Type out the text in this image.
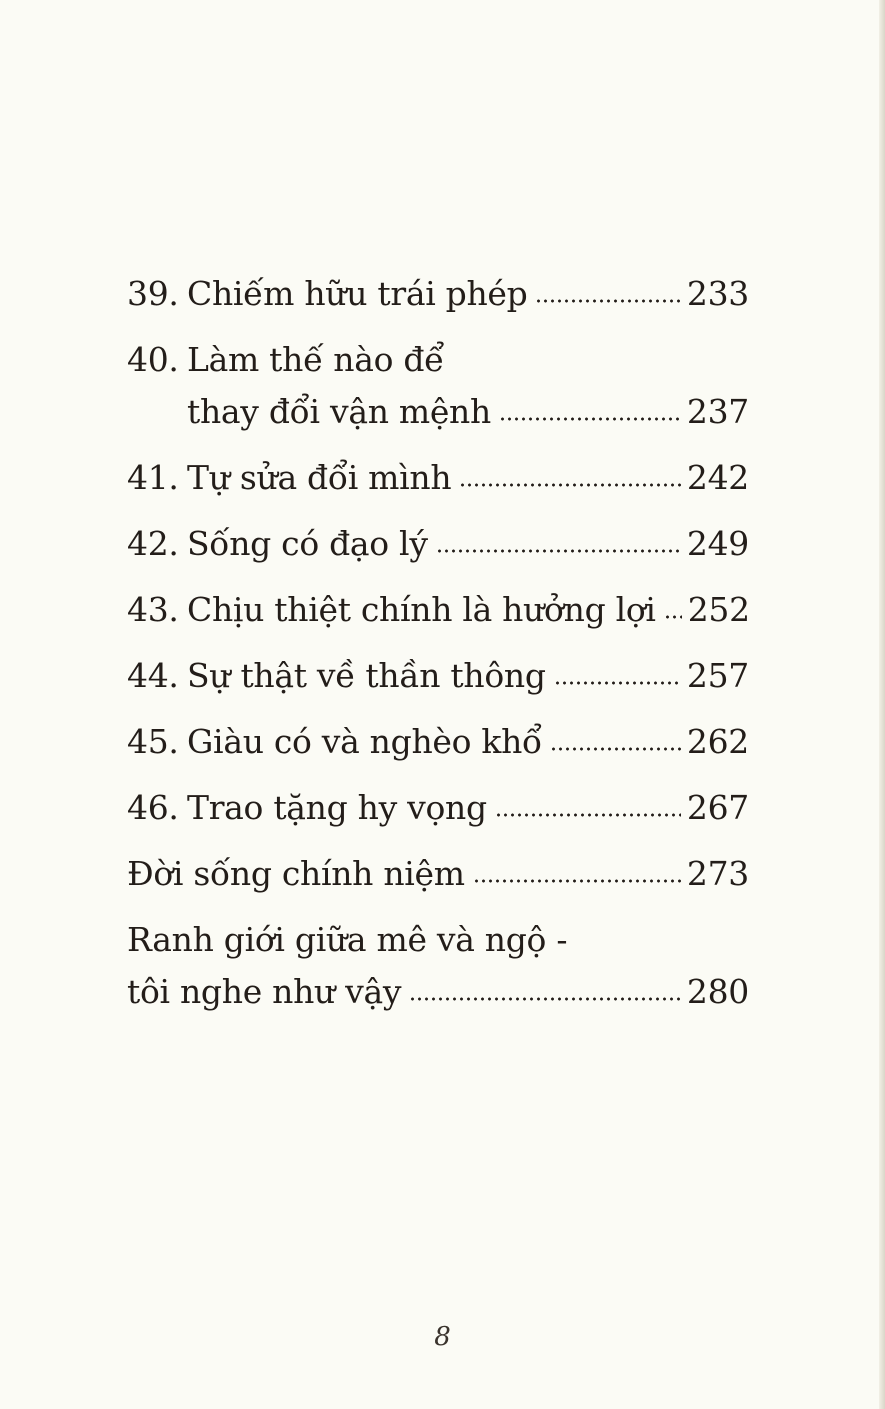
39. Chiếm hữu trái phép	233
40. Làm thế nào để
thay đổi vận mệnh	237
41. Tự sửa đổi mình	242
42. Sống có đạo lý	249
43. Chịu thiệt chính là hưởng lợi 252
44. Sự thật về thần thông	257
45. Giàu có và nghèo khổ	262
46. Trao tặng hy vọng	267
Đời sống chính niệm	273
Ranh giới giữa mê và ngộ -
tôi nghe như vậy	280
8
